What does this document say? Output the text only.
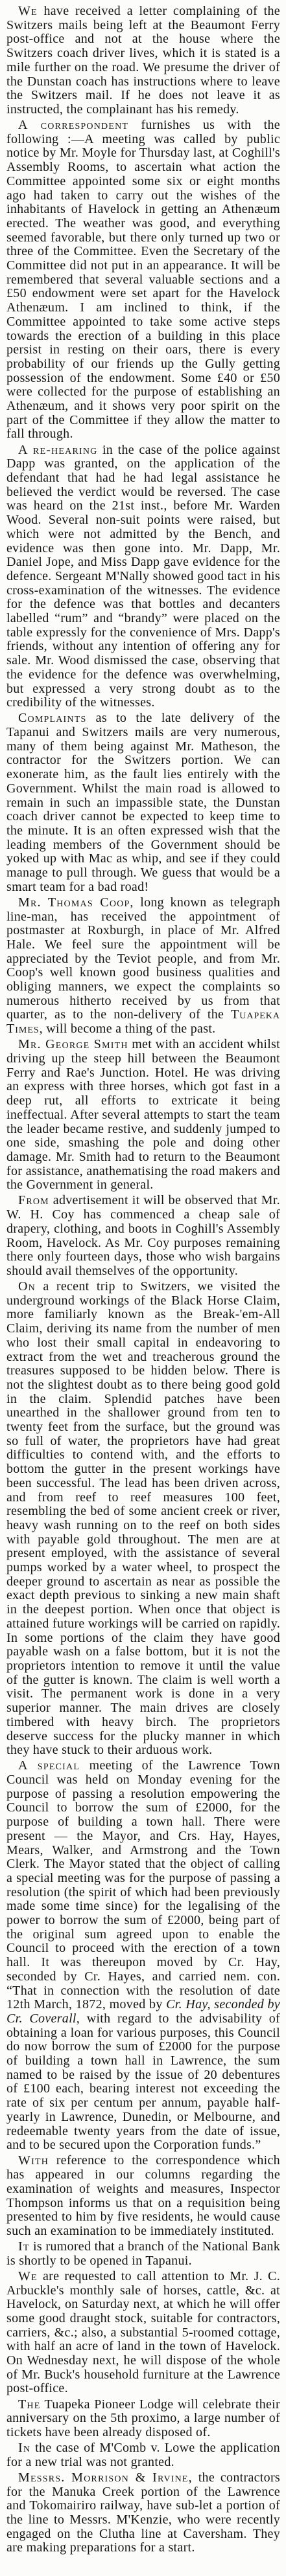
We have received a letter complaining of the Switzers mails being left at the Beaumont Ferry post-office and not at the house where the Switzers coach driver lives, which it is stated is a mile further on the road. We presume the driver of the Dunstan coach has instructions where to leave the Switzers mail. If he does not leave it as instructed, the complainant has his remedy.

A correspondent furnishes us with the following :—A meeting was called by public notice by Mr. Moyle for Thursday last, at Coghill's Assembly Rooms, to ascertain what action the Committee appointed some six or eight months ago had taken to carry out the wishes of the inhabitants of Havelock in getting an Athenæum erected. The weather was good, and everything seemed favorable, but there only turned up two or three of the Committee. Even the Secretary of the Committee did not put in an appearance. It will be remembered that several valuable sections and a £50 endowment were set apart for the Havelock Athenæum. I am inclined to think, if the Committee appointed to take some active steps towards the erection of a building in this place persist in resting on their oars, there is every probability of our friends up the Gully getting possession of the endowment. Some £40 or £50 were collected for the purpose of establishing an Athenæum, and it shows very poor spirit on the part of the Committee if they allow the matter to fall through.

A re-hearing in the case of the police against Dapp was granted, on the application of the defendant that had he had legal assistance he believed the verdict would be reversed. The case was heard on the 21st inst., before Mr. Warden Wood. Several non-suit points were raised, but which were not admitted by the Bench, and evidence was then gone into. Mr. Dapp, Mr. Daniel Jope, and Miss Dapp gave evidence for the defence. Sergeant M'Nally showed good tact in his cross-examination of the witnesses. The evidence for the defence was that bottles and decanters labelled “rum” and “brandy” were placed on the table expressly for the convenience of Mrs. Dapp's friends, without any intention of offering any for sale. Mr. Wood dismissed the case, observing that the evidence for the defence was overwhelming, but expressed a very strong doubt as to the credibility of the witnesses.

Complaints as to the late delivery of the Tapanui and Switzers mails are very numerous, many of them being against Mr. Matheson, the contractor for the Switzers portion. We can exonerate him, as the fault lies entirely with the Government. Whilst the main road is allowed to remain in such an impassible state, the Dunstan coach driver cannot be expected to keep time to the minute. It is an often expressed wish that the leading members of the Government should be yoked up with Mac as whip, and see if they could manage to pull through. We guess that would be a smart team for a bad road!

Mr. Thomas Coop, long known as telegraph line-man, has received the appointment of postmaster at Roxburgh, in place of Mr. Alfred Hale. We feel sure the appointment will be appreciated by the Teviot people, and from Mr. Coop's well known good business qualities and obliging manners, we expect the complaints so numerous hitherto received by us from that quarter, as to the non-delivery of the Tuapeka Times, will become a thing of the past.

Mr. George Smith met with an accident whilst driving up the steep hill between the Beaumont Ferry and Rae's Junction. Hotel. He was driving an express with three horses, which got fast in a deep rut, all efforts to extricate it being ineffectual. After several attempts to start the team the leader became restive, and suddenly jumped to one side, smashing the pole and doing other damage. Mr. Smith had to return to the Beaumont for assistance, anathematising the road makers and the Government in general.

From advertisement it will be observed that Mr. W. H. Coy has commenced a cheap sale of drapery, clothing, and boots in Coghill's Assembly Room, Havelock. As Mr. Coy purposes remaining there only fourteen days, those who wish bargains should avail themselves of the opportunity.

On a recent trip to Switzers, we visited the underground workings of the Black Horse Claim, more familiarly known as the Break-'em-All Claim, deriving its name from the number of men who lost their small capital in endeavoring to extract from the wet and treacherous ground the treasures supposed to be hidden below. There is not the slightest doubt as to there being good gold in the claim. Splendid patches have been unearthed in the shallower ground from ten to twenty feet from the surface, but the ground was so full of water, the proprietors have had great difficulties to contend with, and the efforts to bottom the gutter in the present workings have been successful. The lead has been driven across, and from reef to reef measures 100 feet, resembling the bed of some ancient creek or river, heavy wash running on to the reef on both sides with payable gold throughout. The men are at present employed, with the assistance of several pumps worked by a water wheel, to prospect the deeper ground to ascertain as near as possible the exact depth previous to sinking a new main shaft in the deepest portion. When once that object is attained future workings will be carried on rapidly. In some portions of the claim they have good payable wash on a false bottom, but it is not the proprietors intention to remove it until the value of the gutter is known. The claim is well worth a visit. The permanent work is done in a very superior manner. The main drives are closely timbered with heavy birch. The proprietors deserve success for the plucky manner in which they have stuck to their arduous work.

A special meeting of the Lawrence Town Council was held on Monday evening for the purpose of passing a resolution empowering the Council to borrow the sum of £2000, for the purpose of building a town hall. There were present — the Mayor, and Crs. Hay, Hayes, Mears, Walker, and Armstrong and the Town Clerk. The Mayor stated that the object of calling a special meeting was for the purpose of passing a resolution (the spirit of which had been previously made some time since) for the legalising of the power to borrow the sum of £2000, being part of the original sum agreed upon to enable the Council to proceed with the erection of a town hall. It was thereupon moved by Cr. Hay, seconded by Cr. Hayes, and carried nem. con. “That in connection with the resolution of date 12th March, 1872, moved by Cr. Hay, seconded by Cr. Coverall, with regard to the advisability of obtaining a loan for various purposes, this Council do now borrow the sum of £2000 for the purpose of building a town hall in Lawrence, the sum named to be raised by the issue of 20 debentures of £100 each, bearing interest not exceeding the rate of six per centum per annum, payable half-yearly in Lawrence, Dunedin, or Melbourne, and redeemable twenty years from the date of issue, and to be secured upon the Corporation funds.”

With reference to the correspondence which has appeared in our columns regarding the examination of weights and measures, Inspector Thompson informs us that on a requisition being presented to him by five residents, he would cause such an examination to be immediately instituted.

It is rumored that a branch of the National Bank is shortly to be opened in Tapanui.

We are requested to call attention to Mr. J. C. Arbuckle's monthly sale of horses, cattle, &c. at Havelock, on Saturday next, at which he will offer some good draught stock, suitable for contractors, carriers, &c.; also, a substantial 5-roomed cottage, with half an acre of land in the town of Havelock. On Wednesday next, he will dispose of the whole of Mr. Buck's household furniture at the Lawrence post-office.

The Tuapeka Pioneer Lodge will celebrate their anniversary on the 5th proximo, a large number of tickets have been already disposed of.

In the case of M'Comb v. Lowe the application for a new trial was not granted.

Messrs. Morrison & Irvine, the contractors for the Manuka Creek portion of the Lawrence and Tokomairiro railway, have sub-let a portion of the line to Messrs. M'Kenzie, who were recently engaged on the Clutha line at Caversham. They are making preparations for a start.
